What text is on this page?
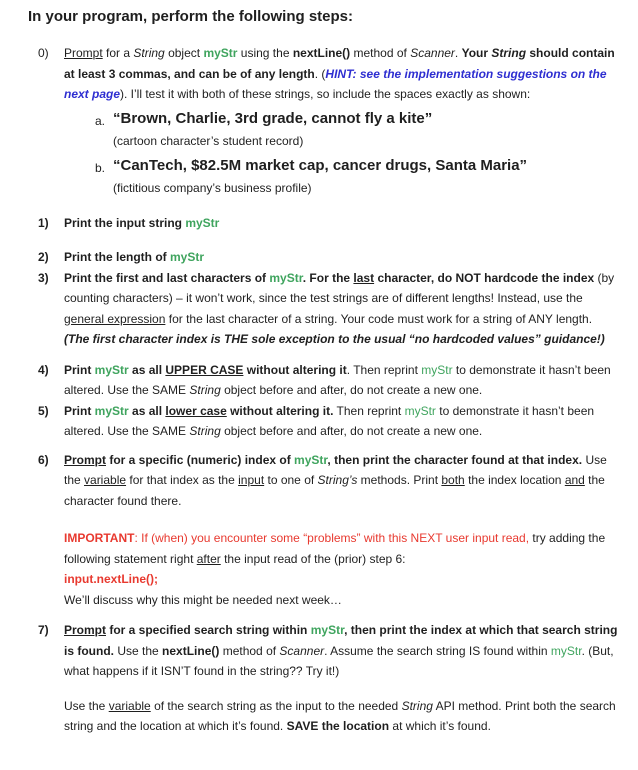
In your program, perform the following steps:
0)	Prompt for a String object myStr using the nextLine() method of Scanner. Your String should contain at least 3 commas, and can be of any length. (HINT: see the implementation suggestions on the next page). I’ll test it with both of these strings, so include the spaces exactly as shown:
a. “Brown, Charlie, 3rd grade, cannot fly a kite”
(cartoon character’s student record)
b. “CanTech, $82.5M market cap, cancer drugs, Santa Maria”
(fictitious company’s business profile)
1)	Print the input string myStr
2)	Print the length of myStr
3)	Print the first and last characters of myStr. For the last character, do NOT hardcode the index (by counting characters) – it won’t work, since the test strings are of different lengths! Instead, use the general expression for the last character of a string. Your code must work for a string of ANY length. (The first character index is THE sole exception to the usual “no hardcoded values” guidance!)
4)	Print myStr as all UPPER CASE without altering it. Then reprint myStr to demonstrate it hasn’t been altered. Use the SAME String object before and after, do not create a new one.
5)	Print myStr as all lower case without altering it. Then reprint myStr to demonstrate it hasn’t been altered. Use the SAME String object before and after, do not create a new one.
6)	Prompt for a specific (numeric) index of myStr, then print the character found at that index. Use the variable for that index as the input to one of String’s methods. Print both the index location and the character found there.
IMPORTANT: If (when) you encounter some “problems” with this NEXT user input read, try adding the following statement right after the input read of the (prior) step 6:
input.nextLine();
We’ll discuss why this might be needed next week…
7)	Prompt for a specified search string within myStr, then print the index at which that search string is found. Use the nextLine() method of Scanner. Assume the search string IS found within myStr. (But, what happens if it ISN’T found in the string?? Try it!)
Use the variable of the search string as the input to the needed String API method. Print both the search string and the location at which it’s found. SAVE the location at which it’s found.
